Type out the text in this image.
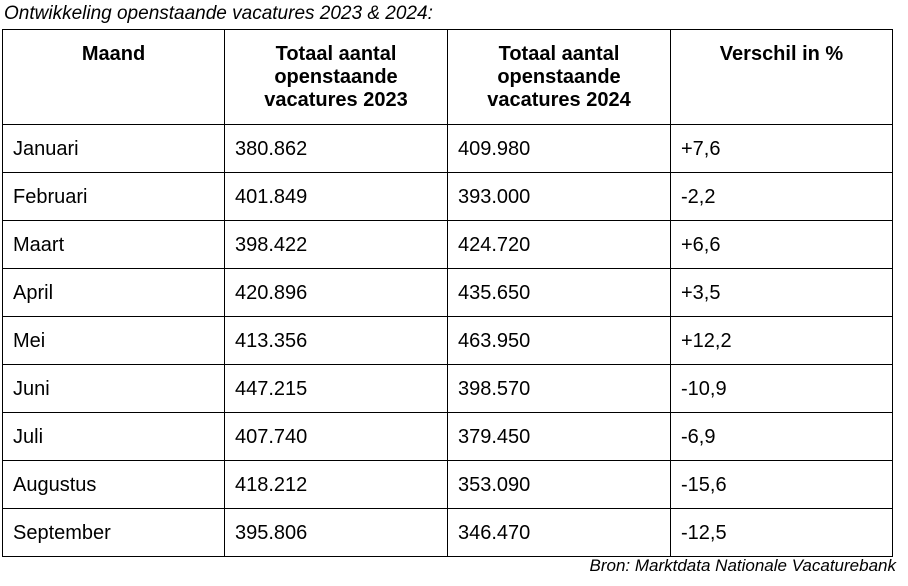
Ontwikkeling openstaande vacatures 2023 & 2024:
Maand	Totaal aantal openstaande vacatures 2023	Totaal aantal openstaande vacatures 2024	Verschil in %
Januari	380.862	409.980	+7,6
Februari	401.849	393.000	-2,2
Maart	398.422	424.720	+6,6
April	420.896	435.650	+3,5
Mei	413.356	463.950	+12,2
Juni	447.215	398.570	-10,9
Juli	407.740	379.450	-6,9
Augustus	418.212	353.090	-15,6
September	395.806	346.470	-12,5
Bron: Marktdata Nationale Vacaturebank
